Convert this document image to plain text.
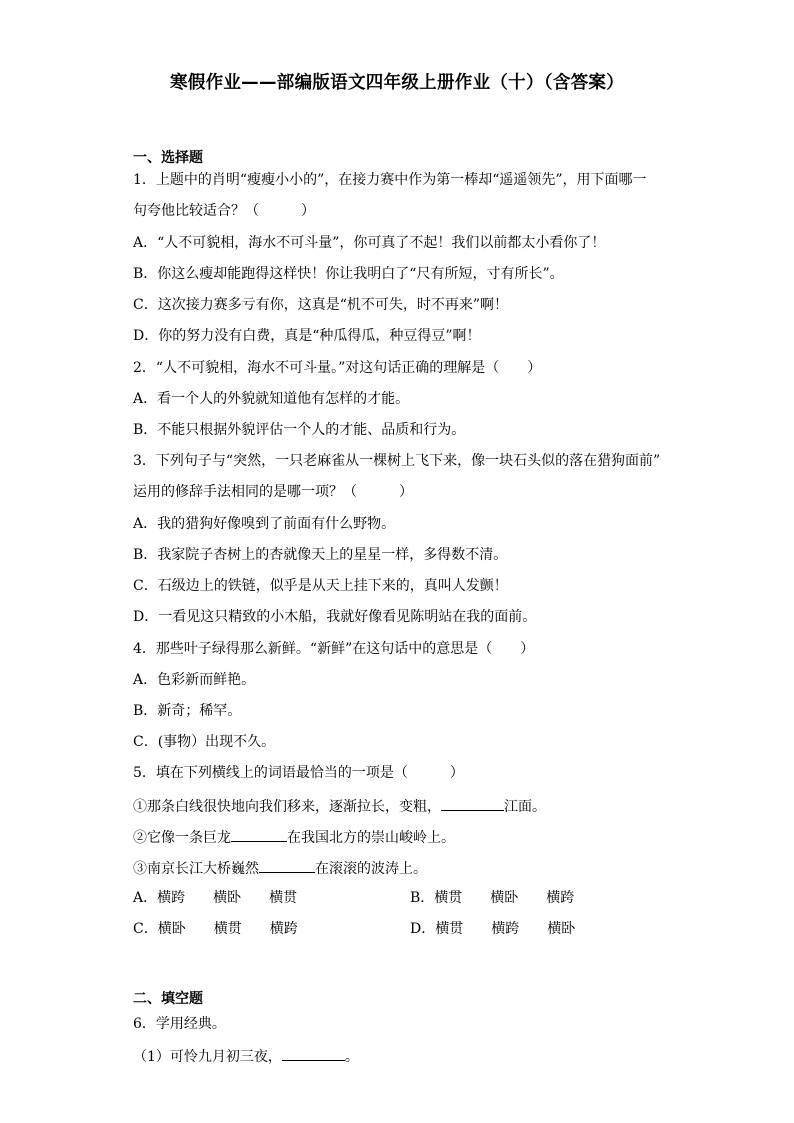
寒假作业——部编版语文四年级上册作业（十）（含答案）
一、选择题
1．上题中的肖明“瘦瘦小小的”，在接力赛中作为第一棒却“遥遥领先”，用下面哪一
句夸他比较适合？（　　　）
A．“人不可貌相，海水不可斗量”，你可真了不起！我们以前都太小看你了！
B．你这么瘦却能跑得这样快！你让我明白了“尺有所短，寸有所长”。
C．这次接力赛多亏有你，这真是“机不可失，时不再来”啊！
D．你的努力没有白费，真是“种瓜得瓜，种豆得豆”啊！
2．“人不可貌相，海水不可斗量。”对这句话正确的理解是（　　）
A．看一个人的外貌就知道他有怎样的才能。
B．不能只根据外貌评估一个人的才能、品质和行为。
3．下列句子与“突然，一只老麻雀从一棵树上飞下来，像一块石头似的落在猎狗面前”
运用的修辞手法相同的是哪一项？（　　　）
A．我的猎狗好像嗅到了前面有什么野物。
B．我家院子杏树上的杏就像天上的星星一样，多得数不清。
C．石级边上的铁链，似乎是从天上挂下来的，真叫人发颤！
D．一看见这只精致的小木船，我就好像看见陈明站在我的面前。
4．那些叶子绿得那么新鲜。“新鲜”在这句话中的意思是（　　）
A．色彩新而鲜艳。
B．新奇；稀罕。
C．(事物）出现不久。
5．填在下列横线上的词语最恰当的一项是（　　　）
①那条白线很快地向我们移来，逐渐拉长，变粗，	江面。
②它像一条巨龙	在我国北方的崇山峻岭上。
③南京长江大桥巍然	在滚滚的波涛上。
A．横跨　　横卧　　横贯	B．横贯　　横卧　　横跨
C．横卧　　横贯　　横跨	D．横贯　　横跨　　横卧
二、填空题
6．学用经典。
（1）可怜九月初三夜，	。
